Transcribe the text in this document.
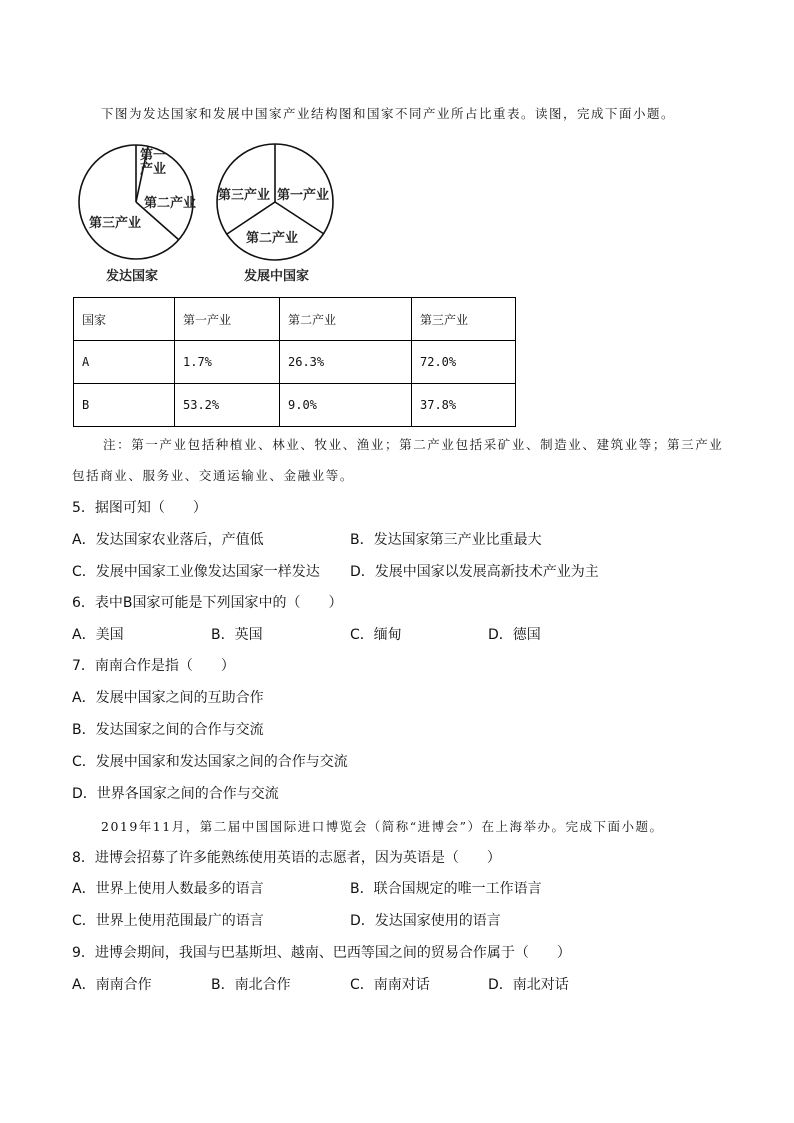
下图为发达国家和发展中国家产业结构图和国家不同产业所占比重表。读图，完成下面小题。
第一
产业
第二产业
第三产业
发达国家
第三产业 第一产业
第二产业
发展中国家
国家	第一产业	第二产业	第三产业
A	1.7%	26.3%	72.0%
B	53.2%	9.0%	37.8%
注：第一产业包括种植业、林业、牧业、渔业；第二产业包括采矿业、制造业、建筑业等；第三产业
包括商业、服务业、交通运输业、金融业等。
5．据图可知（　　）
A．发达国家农业落后，产值低	B．发达国家第三产业比重最大
C．发展中国家工业像发达国家一样发达 D．发展中国家以发展高新技术产业为主
6．表中B国家可能是下列国家中的（　　）
A．美国	B．英国	C．缅甸	D．德国
7．南南合作是指（　　）
A．发展中国家之间的互助合作
B．发达国家之间的合作与交流
C．发展中国家和发达国家之间的合作与交流
D．世界各国家之间的合作与交流
2019年11月，第二届中国国际进口博览会（简称“进博会”）在上海举办。完成下面小题。
8．进博会招募了许多能熟练使用英语的志愿者，因为英语是（　　）
A．世界上使用人数最多的语言	B．联合国规定的唯一工作语言
C．世界上使用范围最广的语言	D．发达国家使用的语言
9．进博会期间，我国与巴基斯坦、越南、巴西等国之间的贸易合作属于（　　）
A．南南合作	B．南北合作	C．南南对话	D．南北对话
